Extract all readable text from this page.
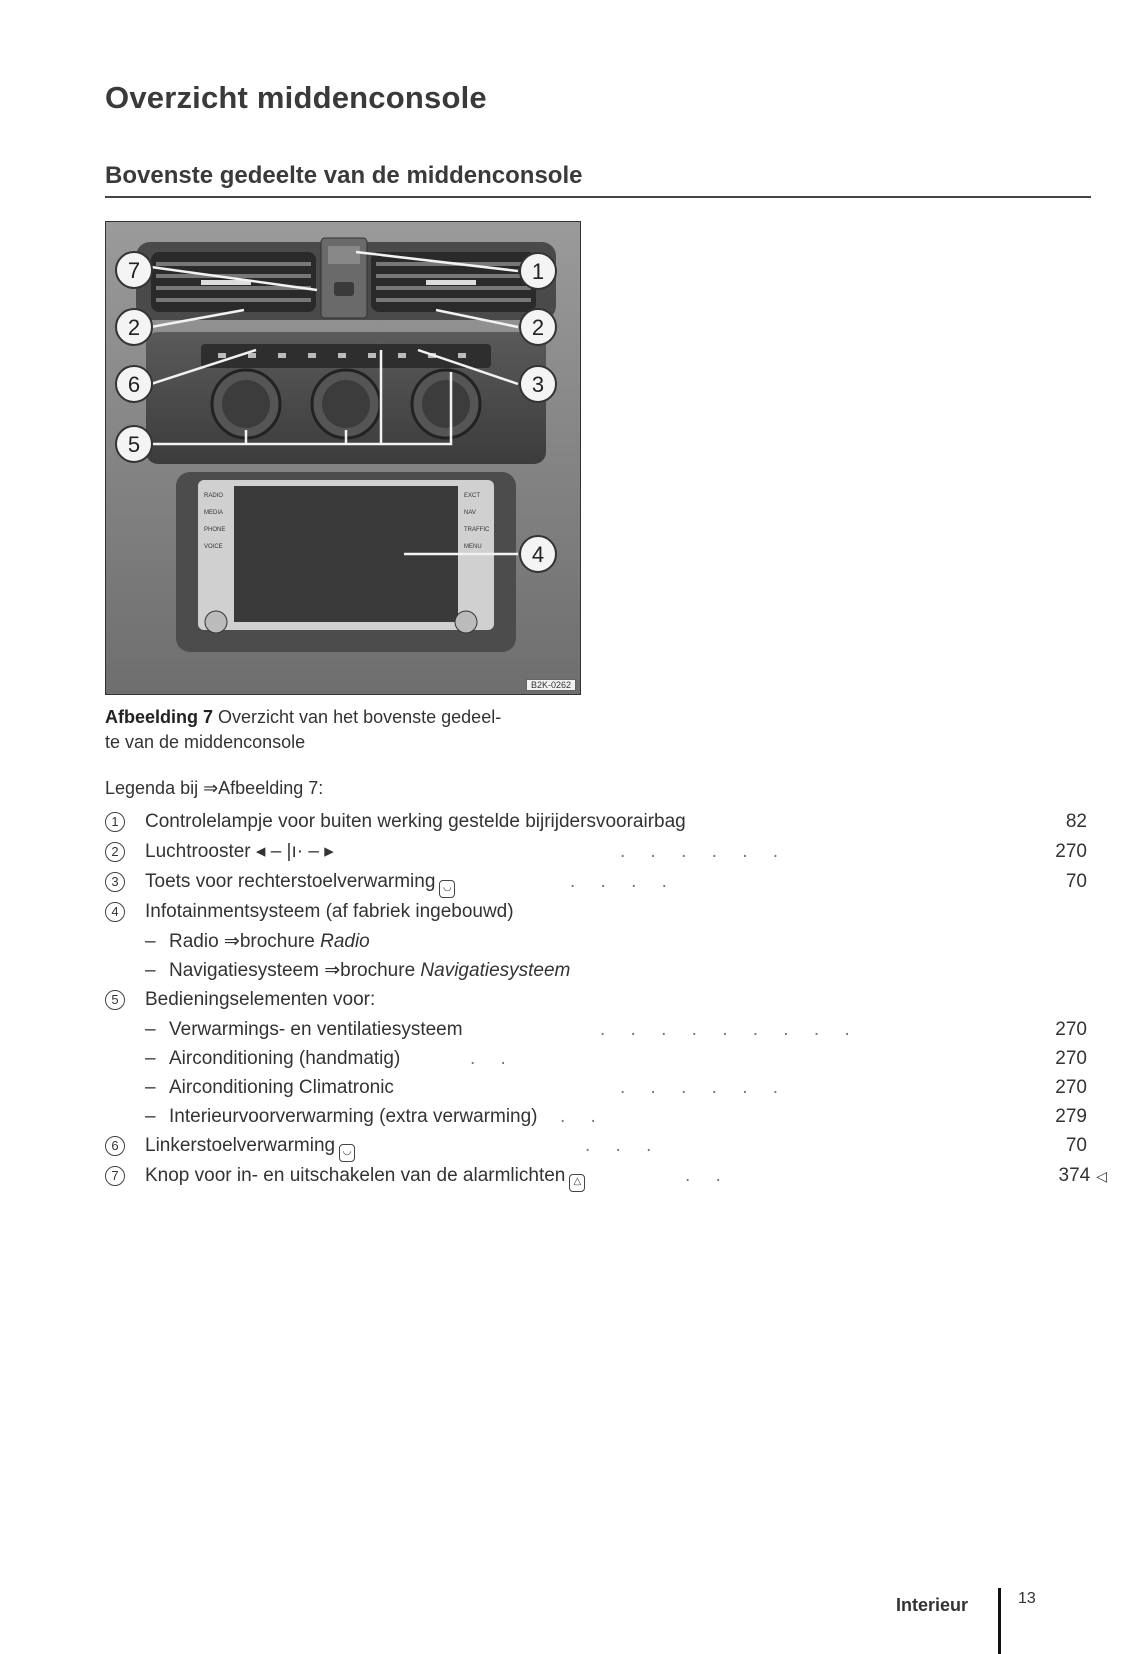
Overzicht middenconsole
Bovenste gedeelte van de middenconsole
RADIO
MEDIA
PHONE
VOICE
EXCT
NAV
TRAFFIC
MENU
7	1
2	2
6	3
5
4
B2K-0262
Afbeelding 7 Overzicht van het bovenste gedeel-
te van de middenconsole
Legenda bij ⇒Afbeelding 7:
1	Controlelampje voor buiten werking gestelde bijrijdersvoorairbag	82
2	Luchtrooster ◂ – |ı· – ▸	. . . . . .	270
3	Toets voor rechterstoelverwarming ◡	. . . .	70
4	Infotainmentsysteem (af fabriek ingebouwd)
– Radio ⇒brochure Radio
– Navigatiesysteem ⇒brochure Navigatiesysteem
5	Bedieningselementen voor:
– Verwarmings- en ventilatiesysteem	. . . . . . . . .	270
– Airconditioning (handmatig)	. .	270
– Airconditioning Climatronic	. . . . . .	270
– Interieurvoorverwarming (extra verwarming) . .	279
6	Linkerstoelverwarming ◡	. . .	70
7	Knop voor in- en uitschakelen van de alarmlichten △	. .	374 ◁
Interieur	13
